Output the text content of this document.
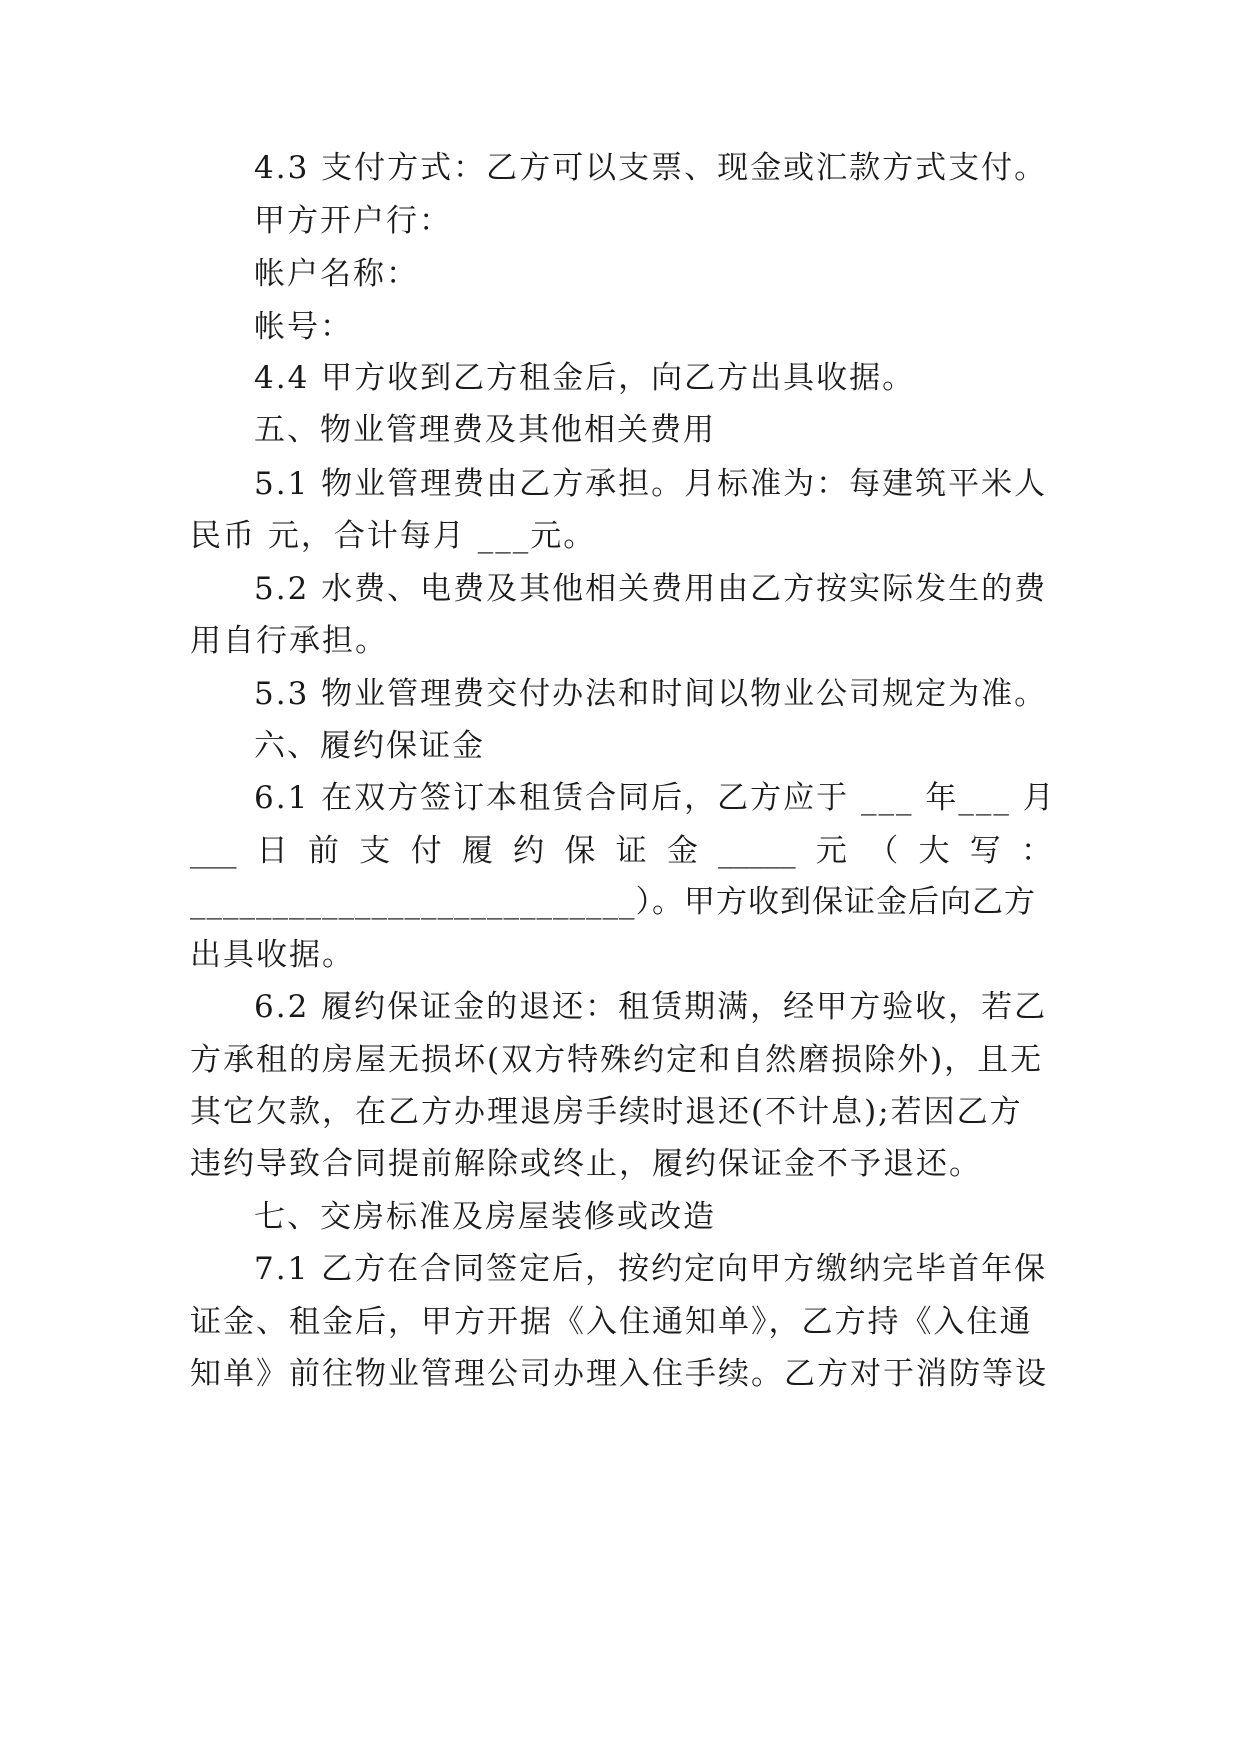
4.3 支付方式：乙方可以支票、现金或汇款方式支付。
甲方开户行：
帐户名称：
帐号：
4.4 甲方收到乙方租金后，向乙方出具收据。
五、物业管理费及其他相关费用
5.1 物业管理费由乙方承担。月标准为：每建筑平米人
民币 元，合计每月 ___元。
5.2 水费、电费及其他相关费用由乙方按实际发生的费
用自行承担。
5.3 物业管理费交付办法和时间以物业公司规定为准。
六、履约保证金
6.1 在双方签订本租赁合同后，乙方应于 ___ 年___ 月
___ 日 前 支 付 履 约 保 证 金 _____ 元 （ 大 写 ：
___________________________）。甲方收到保证金后向乙方
出具收据。
6.2 履约保证金的退还：租赁期满，经甲方验收，若乙
方承租的房屋无损坏(双方特殊约定和自然磨损除外)，且无
其它欠款，在乙方办理退房手续时退还(不计息);若因乙方
违约导致合同提前解除或终止，履约保证金不予退还。
七、交房标准及房屋装修或改造
7.1 乙方在合同签定后，按约定向甲方缴纳完毕首年保
证金、租金后，甲方开据《入住通知单》，乙方持《入住通
知单》前往物业管理公司办理入住手续。乙方对于消防等设
